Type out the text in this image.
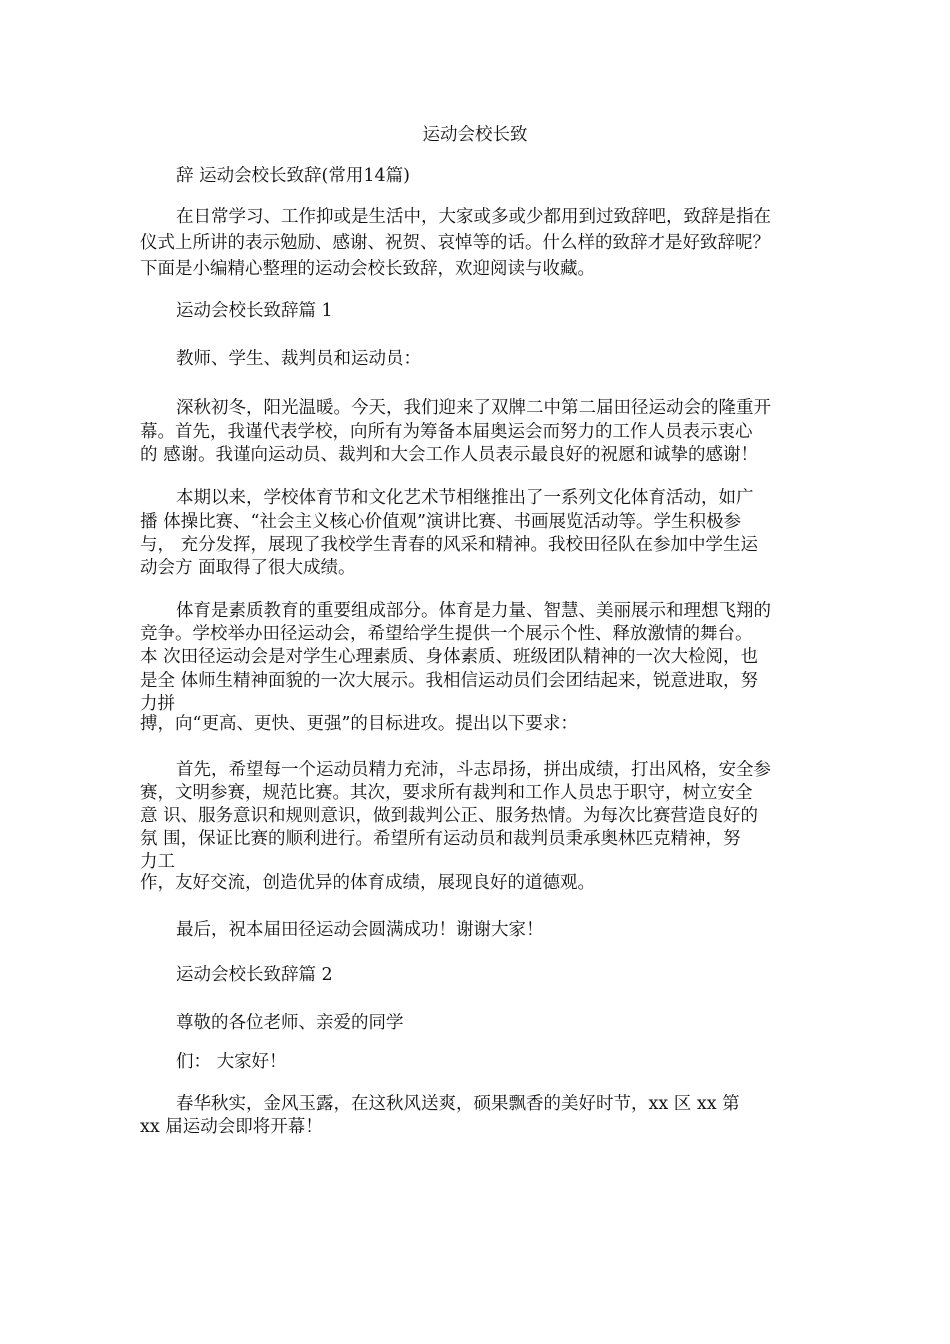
运动会校长致

辞 运动会校长致辞(常用14篇)

在日常学习、工作抑或是生活中，大家或多或少都用到过致辞吧，致辞是指在

仪式上所讲的表示勉励、感谢、祝贺、哀悼等的话。什么样的致辞才是好致辞呢？

下面是小编精心整理的运动会校长致辞，欢迎阅读与收藏。

运动会校长致辞篇 1

教师、学生、裁判员和运动员：

深秋初冬，阳光温暖。今天，我们迎来了双牌二中第二届田径运动会的隆重开

幕。首先，我谨代表学校，向所有为筹备本届奥运会而努力的工作人员表示衷心

的 感谢。我谨向运动员、裁判和大会工作人员表示最良好的祝愿和诚挚的感谢！

本期以来，学校体育节和文化艺术节相继推出了一系列文化体育活动，如广

播 体操比赛、“社会主义核心价值观”演讲比赛、书画展览活动等。学生积极参

与， 充分发挥，展现了我校学生青春的风采和精神。我校田径队在参加中学生运

动会方 面取得了很大成绩。

体育是素质教育的重要组成部分。体育是力量、智慧、美丽展示和理想飞翔的

竞争。学校举办田径运动会，希望给学生提供一个展示个性、释放激情的舞台。

本 次田径运动会是对学生心理素质、身体素质、班级团队精神的一次大检阅，也

是全 体师生精神面貌的一次大展示。我相信运动员们会团结起来，锐意进取，努

力拼

搏，向“更高、更快、更强”的目标进攻。提出以下要求：

首先，希望每一个运动员精力充沛，斗志昂扬，拼出成绩，打出风格，安全参

赛，文明参赛，规范比赛。其次，要求所有裁判和工作人员忠于职守，树立安全

意 识、服务意识和规则意识，做到裁判公正、服务热情。为每次比赛营造良好的

氛 围，保证比赛的顺利进行。希望所有运动员和裁判员秉承奥林匹克精神，努

力工

作，友好交流，创造优异的体育成绩，展现良好的道德观。

最后，祝本届田径运动会圆满成功！谢谢大家！

运动会校长致辞篇 2

尊敬的各位老师、亲爱的同学

们： 大家好！

春华秋实，金风玉露，在这秋风送爽，硕果飘香的美好时节，xx 区 xx 第

xx 届运动会即将开幕！
